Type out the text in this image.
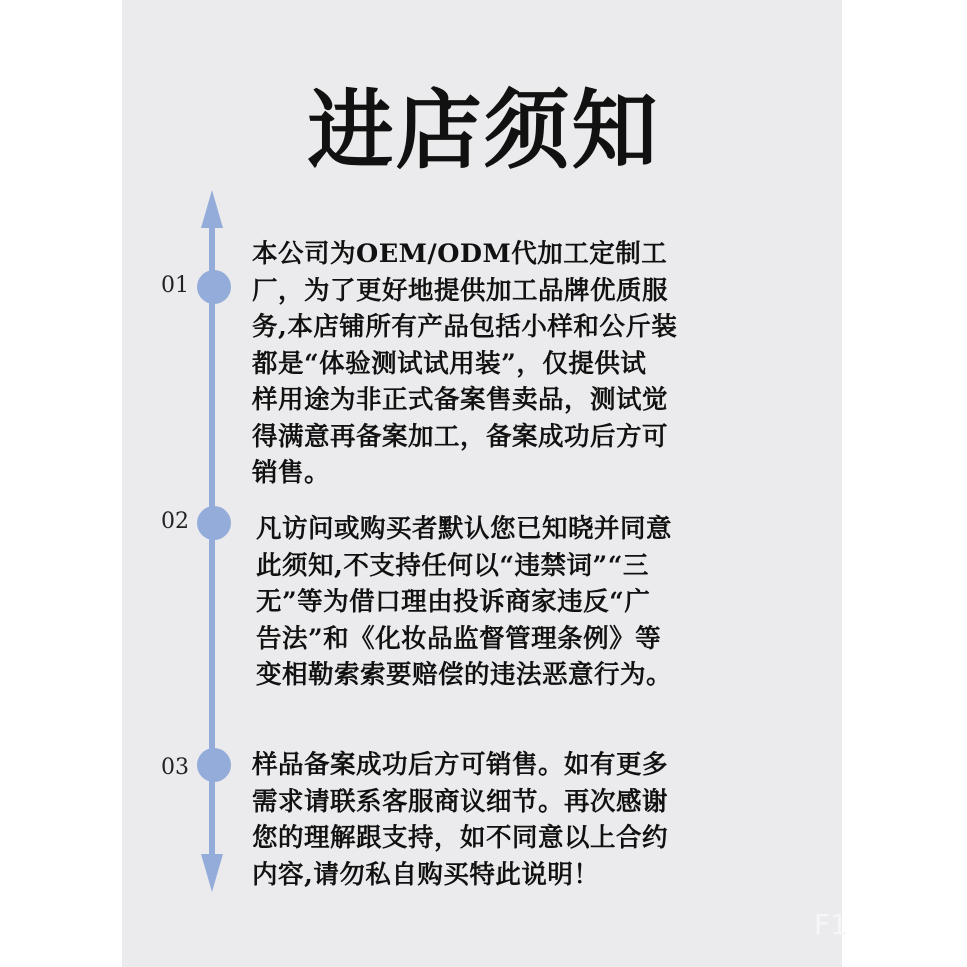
进店须知
01
02
03
本公司为OEM/ODM代加工定制工
厂，为了更好地提供加工品牌优质服
务,本店铺所有产品包括小样和公斤装
都是“体验测试试用装”，仅提供试
样用途为非正式备案售卖品，测试觉
得满意再备案加工，备案成功后方可
销售。
凡访问或购买者默认您已知晓并同意
此须知,不支持任何以“违禁词”“三
无”等为借口理由投诉商家违反“广
告法”和《化妆品监督管理条例》等
变相勒索索要赔偿的违法恶意行为。
样品备案成功后方可销售。如有更多
需求请联系客服商议细节。再次感谢
您的理解跟支持，如不同意以上合约
内容,请勿私自购买特此说明！
F1
